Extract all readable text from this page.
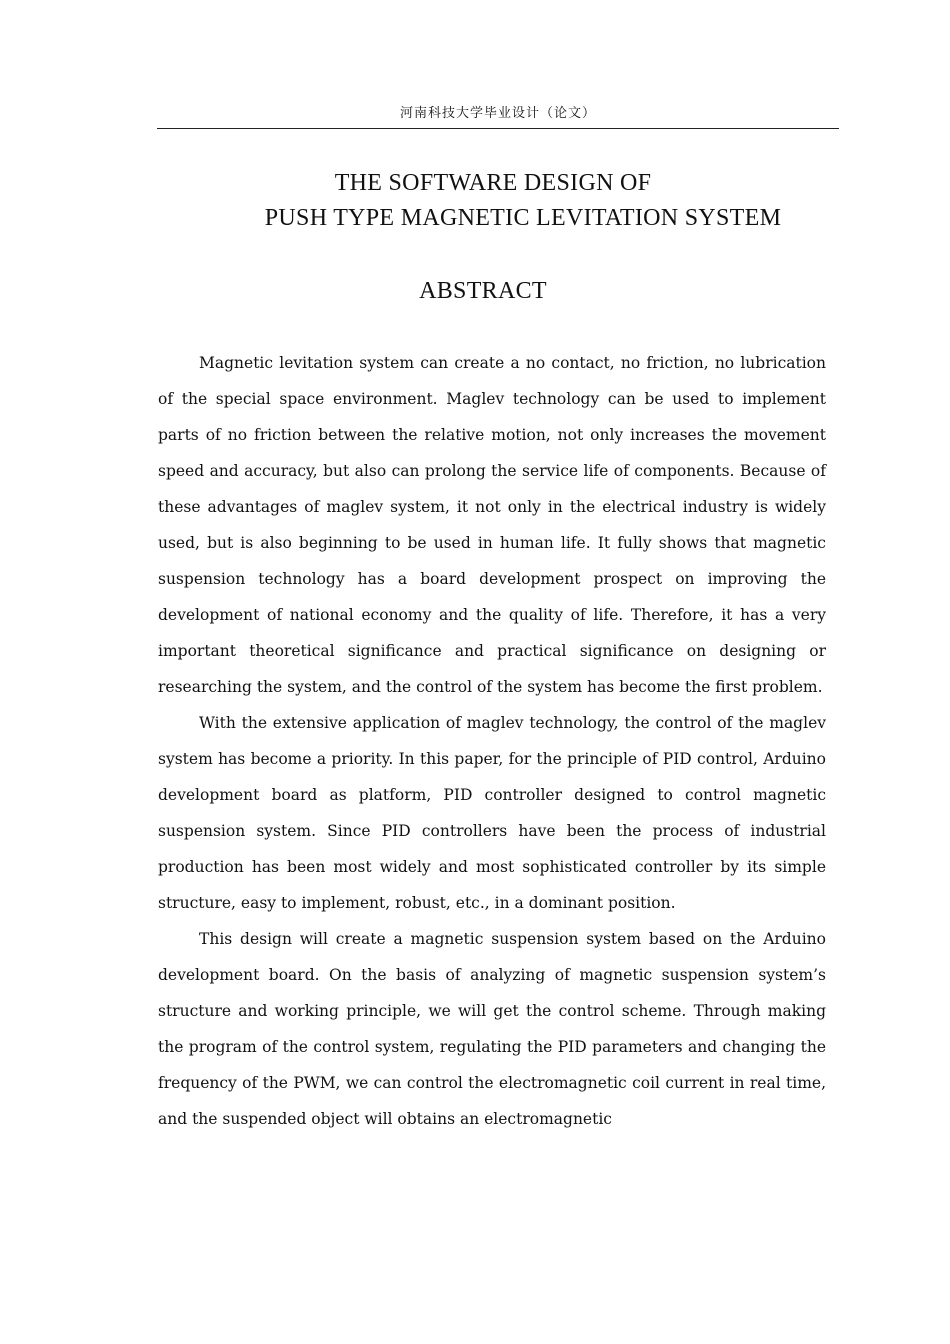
河南科技大学毕业设计（论文）
THE SOFTWARE DESIGN OF
PUSH TYPE MAGNETIC LEVITATION SYSTEM
ABSTRACT

Magnetic levitation system can create a no contact, no friction, no lubrication of the special space environment. Maglev technology can be used to implement parts of no friction between the relative motion, not only increases the movement speed and accuracy, but also can prolong the service life of components. Because of these advantages of maglev system, it not only in the electrical industry is widely used, but is also beginning to be used in human life. It fully shows that magnetic suspension technology has a board development prospect on improving the development of national economy and the quality of life. Therefore, it has a very important theoretical significance and practical significance on designing or researching the system, and the control of the system has become the first problem.

With the extensive application of maglev technology, the control of the maglev system has become a priority. In this paper, for the principle of PID control, Arduino development board as platform, PID controller designed to control magnetic suspension system. Since PID controllers have been the process of industrial production has been most widely and most sophisticated controller by its simple structure, easy to implement, robust, etc., in a dominant position.

This design will create a magnetic suspension system based on the Arduino development board. On the basis of analyzing of magnetic suspension system’s structure and working principle, we will get the control scheme. Through making the program of the control system, regulating the PID parameters and changing the frequency of the PWM, we can control the electromagnetic coil current in real time, and the suspended object will obtains an electromagnetic
